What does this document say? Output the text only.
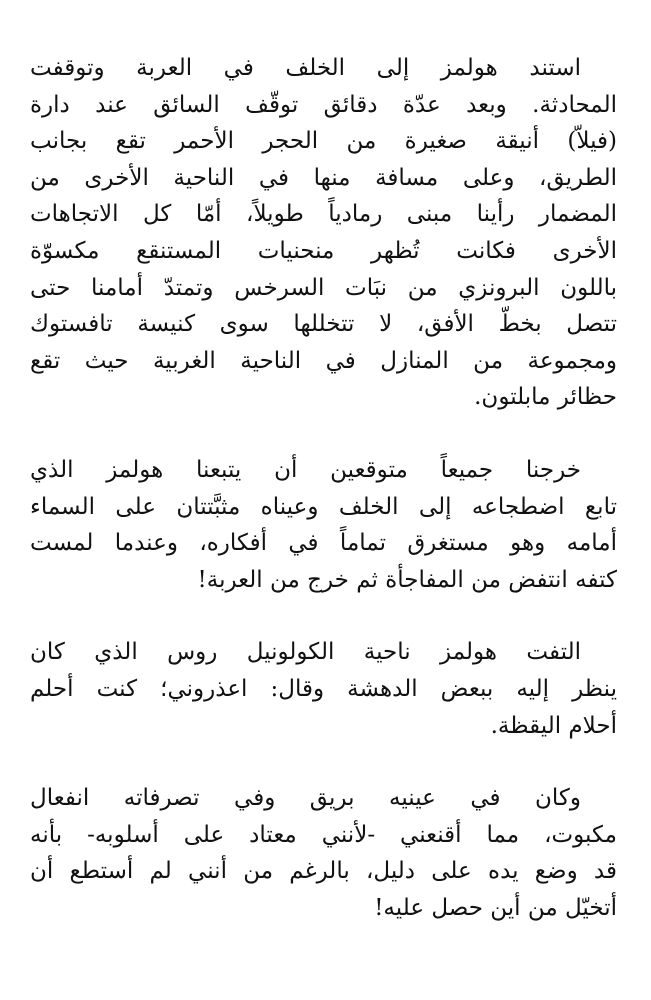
استند هولمز إلى الخلف في العربة وتوقفت
المحادثة. وبعد عدّة دقائق توقّف السائق عند دارة
(فيلاّ) أنيقة صغيرة من الحجر الأحمر تقع بجانب
الطريق، وعلى مسافة منها في الناحية الأخرى من
المضمار رأينا مبنى رمادياً طويلاً، أمّا كل الاتجاهات
الأخرى فكانت تُظهر منحنيات المستنقع مكسوّة
باللون البرونزي من نبَات السرخس وتمتدّ أمامنا حتى
تتصل بخطّ الأفق، لا تتخللها سوى كنيسة تافستوك
ومجموعة من المنازل في الناحية الغربية حيث تقع
حظائر مابلتون.

خرجنا جميعاً متوقعين أن يتبعنا هولمز الذي
تابع اضطجاعه إلى الخلف وعيناه مثبَّتتان على السماء
أمامه وهو مستغرق تماماً في أفكاره، وعندما لمست
كتفه انتفض من المفاجأة ثم خرج من العربة!

التفت هولمز ناحية الكولونيل روس الذي كان
ينظر إليه ببعض الدهشة وقال: اعذروني؛ كنت أحلم
أحلام اليقظة.

وكان في عينيه بريق وفي تصرفاته انفعال
مكبوت، مما أقنعني -لأنني معتاد على أسلوبه- بأنه
قد وضع يده على دليل، بالرغم من أنني لم أستطع أن
أتخيّل من أين حصل عليه!
